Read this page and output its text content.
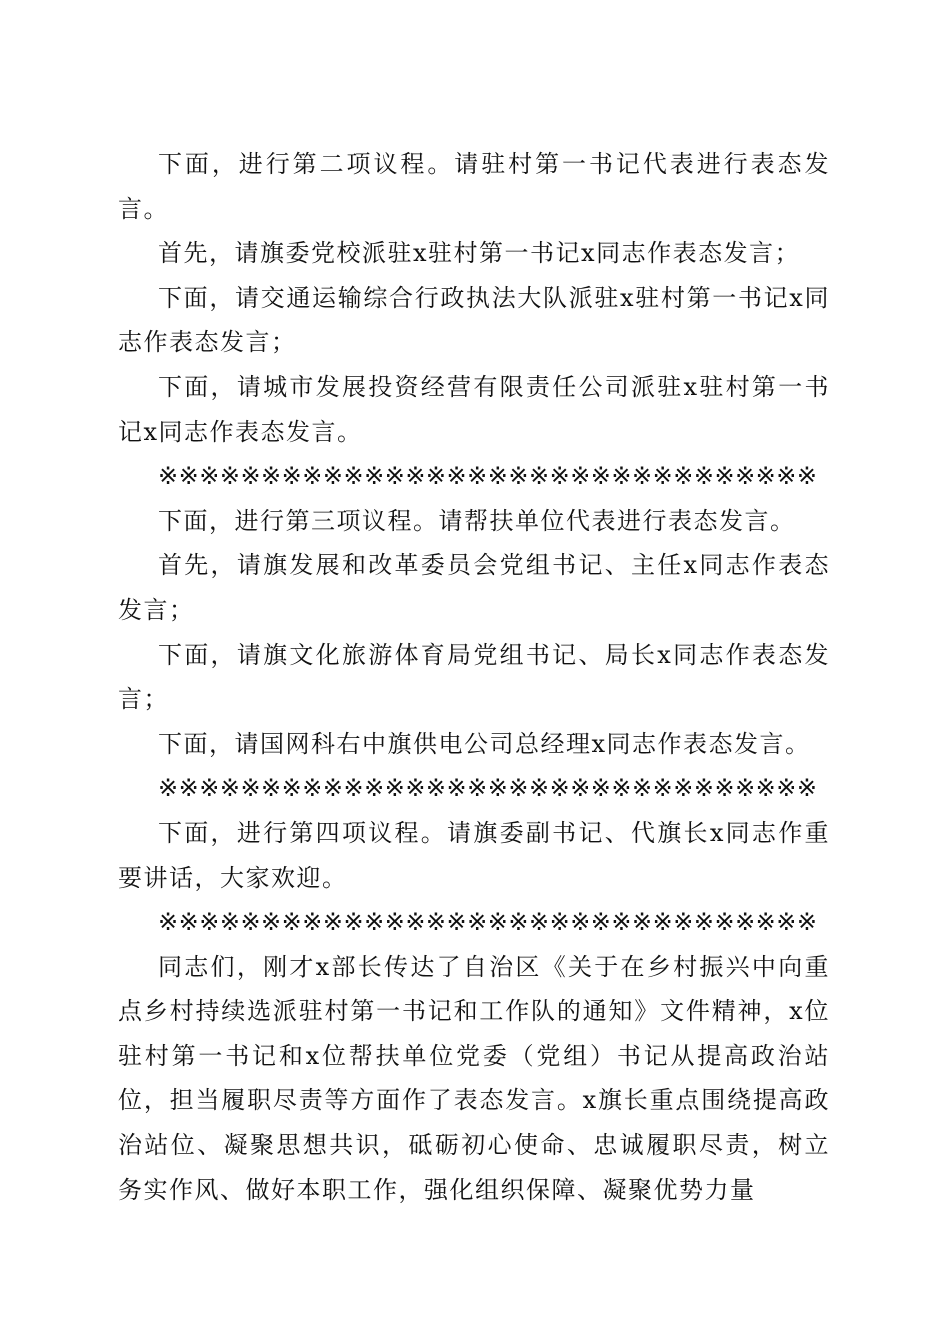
下面，进行第二项议程。请驻村第一书记代表进行表态发言。

首先，请旗委党校派驻x驻村第一书记x同志作表态发言；

下面，请交通运输综合行政执法大队派驻x驻村第一书记x同志作表态发言；

下面，请城市发展投资经营有限责任公司派驻x驻村第一书记x同志作表态发言。

※※※※※※※※※※※※※※※※※※※※※※※※※※※※※※※※

下面，进行第三项议程。请帮扶单位代表进行表态发言。

首先，请旗发展和改革委员会党组书记、主任x同志作表态发言；

下面，请旗文化旅游体育局党组书记、局长x同志作表态发言；

下面，请国网科右中旗供电公司总经理x同志作表态发言。

※※※※※※※※※※※※※※※※※※※※※※※※※※※※※※※※

下面，进行第四项议程。请旗委副书记、代旗长x同志作重要讲话，大家欢迎。

※※※※※※※※※※※※※※※※※※※※※※※※※※※※※※※※

同志们，刚才x部长传达了自治区《关于在乡村振兴中向重点乡村持续选派驻村第一书记和工作队的通知》文件精神，x位驻村第一书记和x位帮扶单位党委（党组）书记从提高政治站位，担当履职尽责等方面作了表态发言。x旗长重点围绕提高政治站位、凝聚思想共识，砥砺初心使命、忠诚履职尽责，树立务实作风、做好本职工作，强化组织保障、凝聚优势力量
